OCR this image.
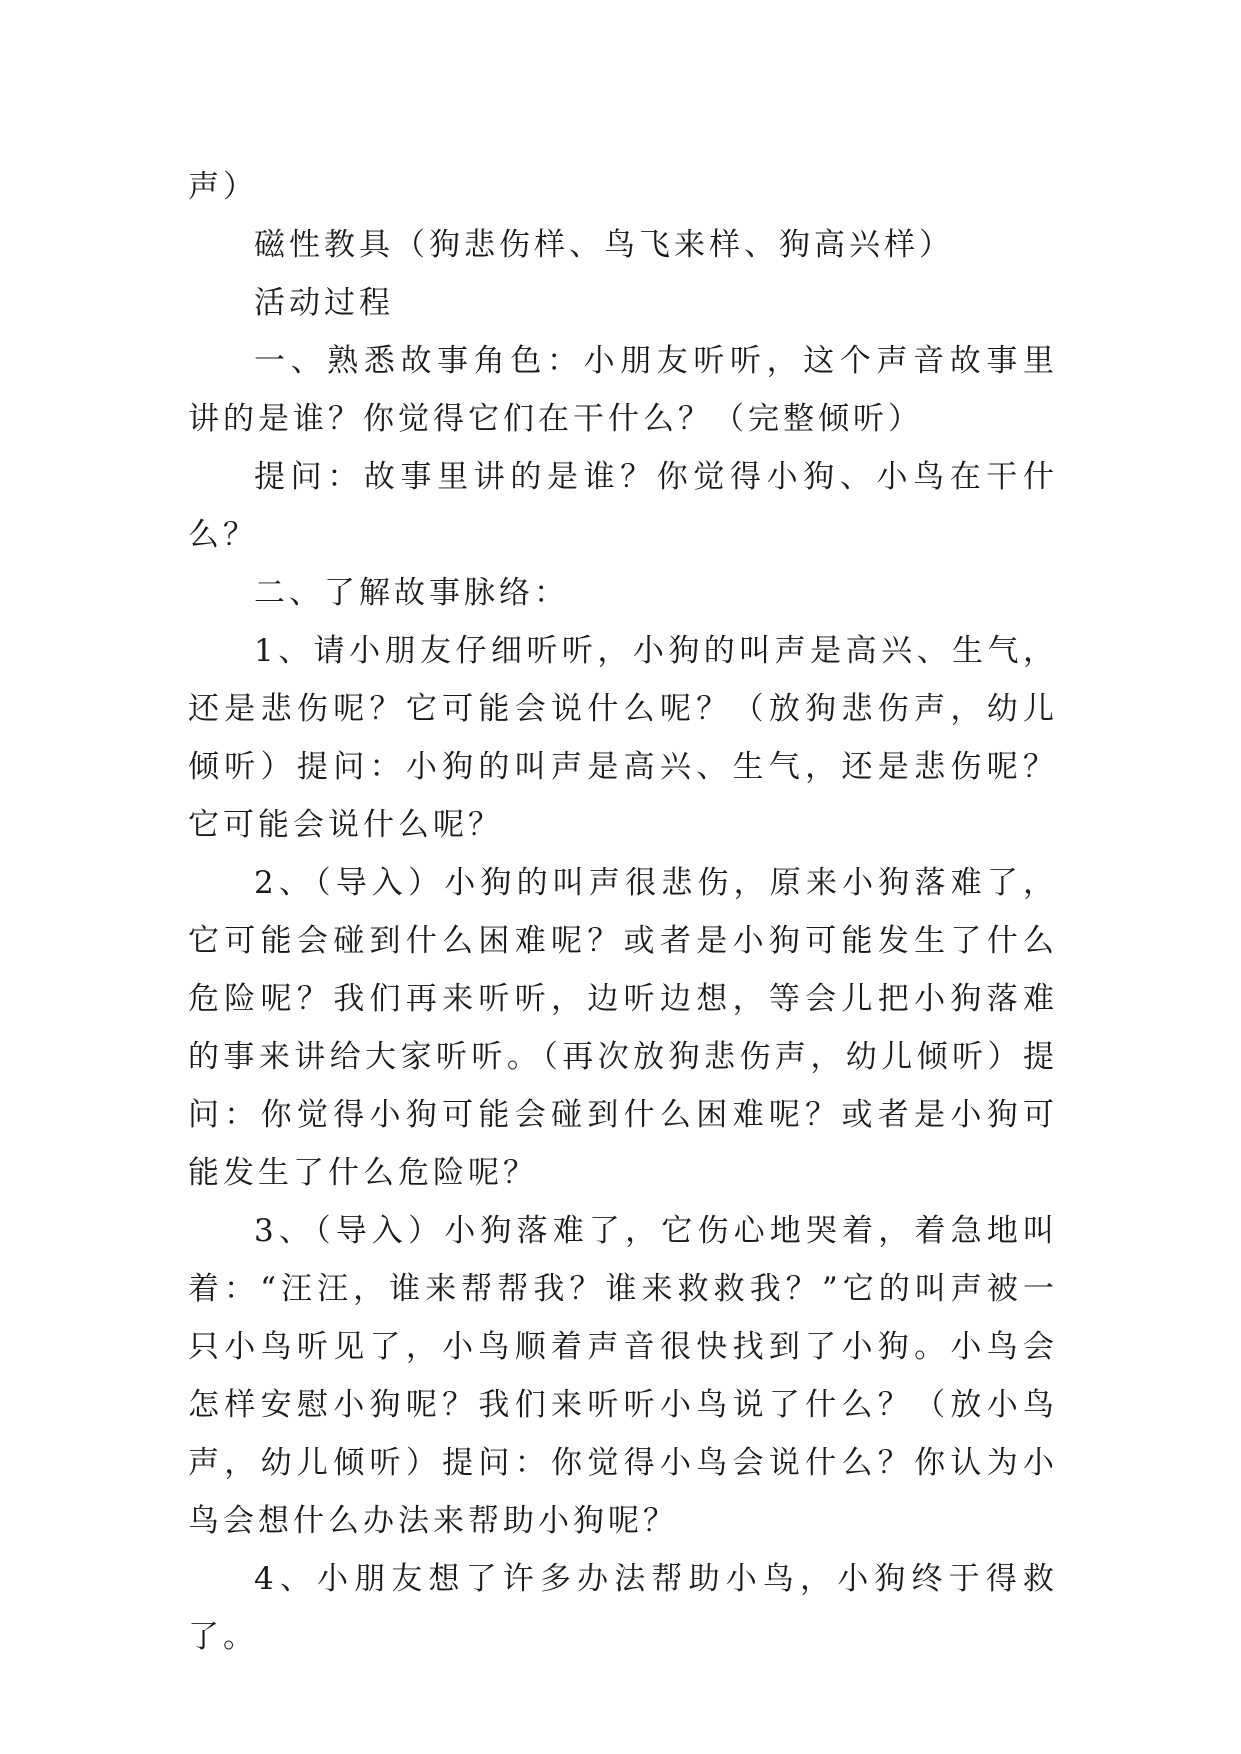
声）

磁性教具（狗悲伤样、鸟飞来样、狗高兴样）

活动过程

一、熟悉故事角色：小朋友听听，这个声音故事里讲的是谁？你觉得它们在干什么？（完整倾听）

提问：故事里讲的是谁？你觉得小狗、小鸟在干什么？

二、了解故事脉络：

1、请小朋友仔细听听，小狗的叫声是高兴、生气，还是悲伤呢？它可能会说什么呢？（放狗悲伤声，幼儿倾听）提问：小狗的叫声是高兴、生气，还是悲伤呢？它可能会说什么呢？

2、（导入）小狗的叫声很悲伤，原来小狗落难了，它可能会碰到什么困难呢？或者是小狗可能发生了什么危险呢？我们再来听听，边听边想，等会儿把小狗落难的事来讲给大家听听。（再次放狗悲伤声，幼儿倾听）提问：你觉得小狗可能会碰到什么困难呢？或者是小狗可能发生了什么危险呢？

3、（导入）小狗落难了，它伤心地哭着，着急地叫着：“汪汪，谁来帮帮我？谁来救救我？”它的叫声被一只小鸟听见了，小鸟顺着声音很快找到了小狗。小鸟会怎样安慰小狗呢？我们来听听小鸟说了什么？（放小鸟声，幼儿倾听）提问：你觉得小鸟会说什么？你认为小鸟会想什么办法来帮助小狗呢？

4、小朋友想了许多办法帮助小鸟，小狗终于得救了。
